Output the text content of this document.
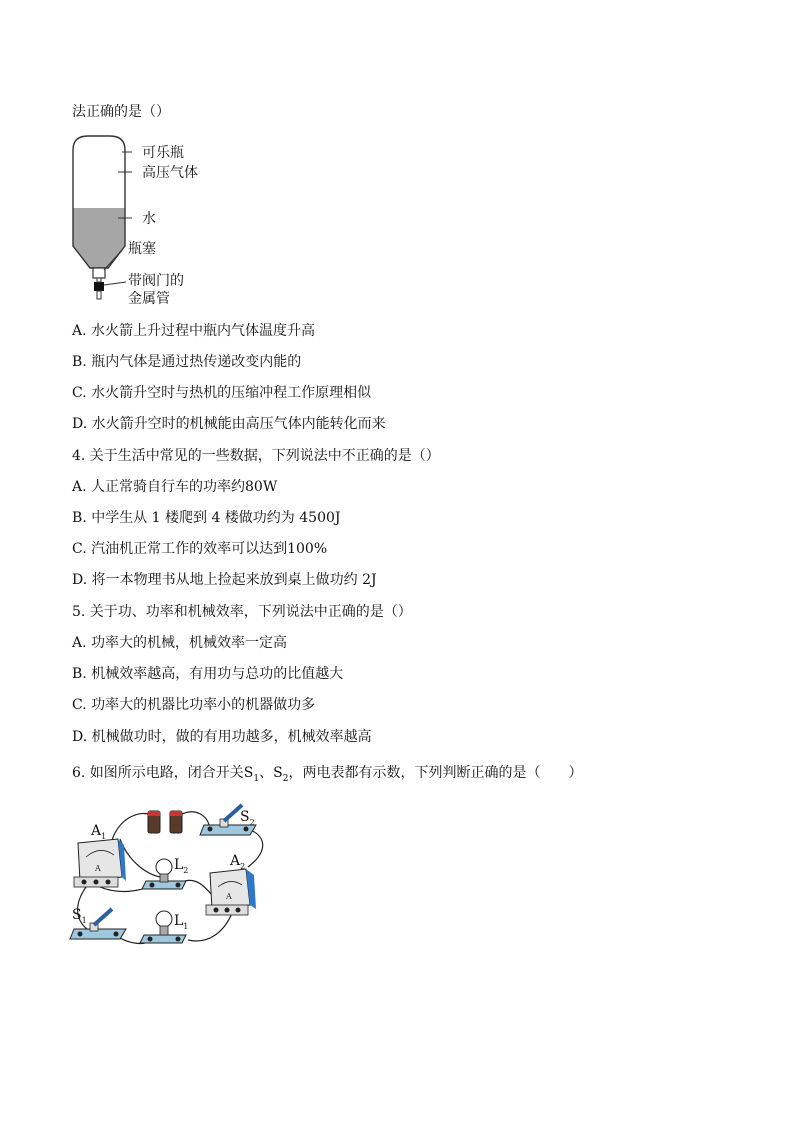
法正确的是（）
可乐瓶
高压气体
水
瓶塞
带阀门的
金属管
A. 水火箭上升过程中瓶内气体温度升高
B. 瓶内气体是通过热传递改变内能的
C. 水火箭升空时与热机的压缩冲程工作原理相似
D. 水火箭升空时的机械能由高压气体内能转化而来
4. 关于生活中常见的一些数据，下列说法中不正确的是（）
A. 人正常骑自行车的功率约80W
B. 中学生从 1 楼爬到 4 楼做功约为 4500J
C. 汽油机正常工作的效率可以达到100%
D. 将一本物理书从地上捡起来放到桌上做功约 2J
5. 关于功、功率和机械效率，下列说法中正确的是（）
A. 功率大的机械，机械效率一定高
B. 机械效率越高，有用功与总功的比值越大
C. 功率大的机器比功率小的机器做功多
D. 机械做功时，做的有用功越多，机械效率越高
6. 如图所示电路，闭合开关$S_1$、$S_2$，两电表都有示数，下列判断正确的是（　　）
A
A
$A_1$
$S_2$
$L_2$
$A_2$
$S_1$	$L_1$
